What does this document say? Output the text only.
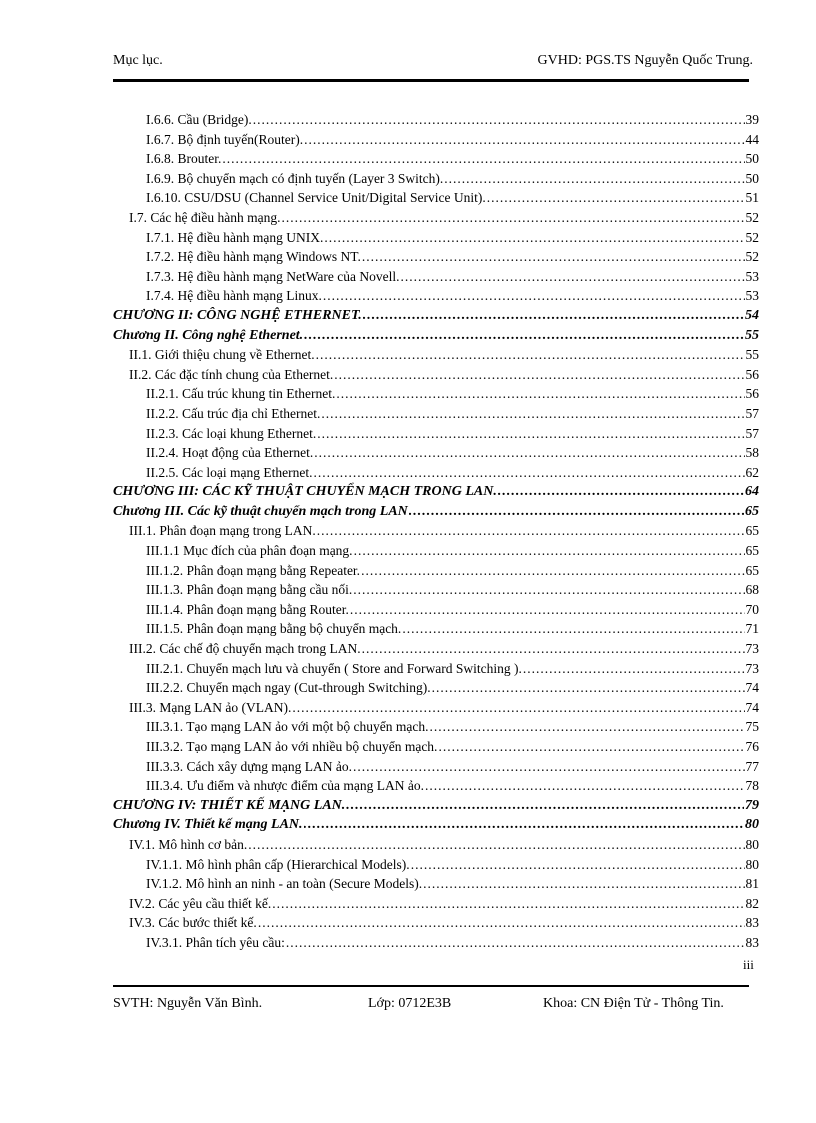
Mục lục.	GVHD: PGS.TS Nguyễn Quốc Trung.
I.6.6. Cầu (Bridge). .....	39
I.6.7. Bộ định tuyến(Router). .....	44
I.6.8. Brouter. .....	50
I.6.9. Bộ chuyển mạch có định tuyến (Layer 3 Switch). .....	50
I.6.10. CSU/DSU (Channel Service Unit/Digital Service Unit). .....	51
I.7. Các hệ điều hành mạng. .....	52
I.7.1. Hệ điều hành mạng UNIX. .....	52
I.7.2. Hệ điều hành mạng Windows NT. .....	52
I.7.3. Hệ điều hành mạng NetWare của Novell. .....	53
I.7.4. Hệ điều hành mạng Linux. .....	53
CHƯƠNG II: CÔNG NGHỆ ETHERNET. .....	54
Chương II. Công nghệ Ethernet. .....	55
II.1. Giới thiệu chung về Ethernet. .....	55
II.2. Các đặc tính chung của Ethernet. .....	56
II.2.1. Cấu trúc khung tin Ethernet. .....	56
II.2.2. Cấu trúc địa chỉ Ethernet. .....	57
II.2.3. Các loại khung Ethernet. .....	57
II.2.4. Hoạt động của Ethernet. .....	58
II.2.5. Các loại mạng Ethernet. .....	62
CHƯƠNG III: CÁC KỸ THUẬT CHUYỂN MẠCH TRONG LAN. .....	64
Chương III. Các kỹ thuật chuyển mạch trong LAN .....	65
III.1. Phân đoạn mạng trong LAN. .....	65
III.1.1 Mục đích của phân đoạn mạng. .....	65
III.1.2. Phân đoạn mạng bằng Repeater. .....	65
III.1.3. Phân đoạn mạng bằng cầu nối. .....	68
III.1.4. Phân đoạn mạng bằng Router. .....	70
III.1.5. Phân đoạn mạng bằng bộ chuyển mạch. .....	71
III.2. Các chế độ chuyển mạch trong LAN. .....	73
III.2.1. Chuyển mạch lưu và chuyển ( Store and Forward Switching ). .....	73
III.2.2. Chuyển mạch ngay (Cut-through Switching). .....	74
III.3. Mạng LAN ảo (VLAN). .....	74
III.3.1. Tạo mạng LAN ảo với một bộ chuyển mạch. .....	75
III.3.2. Tạo mạng LAN ảo với nhiều bộ chuyển mạch. .....	76
III.3.3. Cách xây dựng mạng LAN ảo. .....	77
III.3.4. Ưu điểm và nhược điểm của mạng LAN ảo. .....	78
CHƯƠNG IV: THIẾT KẾ MẠNG LAN. .....	79
Chương IV. Thiết kế mạng LAN. .....	80
IV.1. Mô hình cơ bản. .....	80
IV.1.1. Mô hình phân cấp (Hierarchical Models). .....	80
IV.1.2. Mô hình an ninh - an toàn (Secure Models). .....	81
IV.2. Các yêu cầu thiết kế. .....	82
IV.3. Các bước thiết kế. .....	83
IV.3.1. Phân tích yêu cầu: .....	83
iii
SVTH: Nguyễn Văn Bình.	Lớp: 0712E3B	Khoa: CN Điện Tử - Thông Tin.
